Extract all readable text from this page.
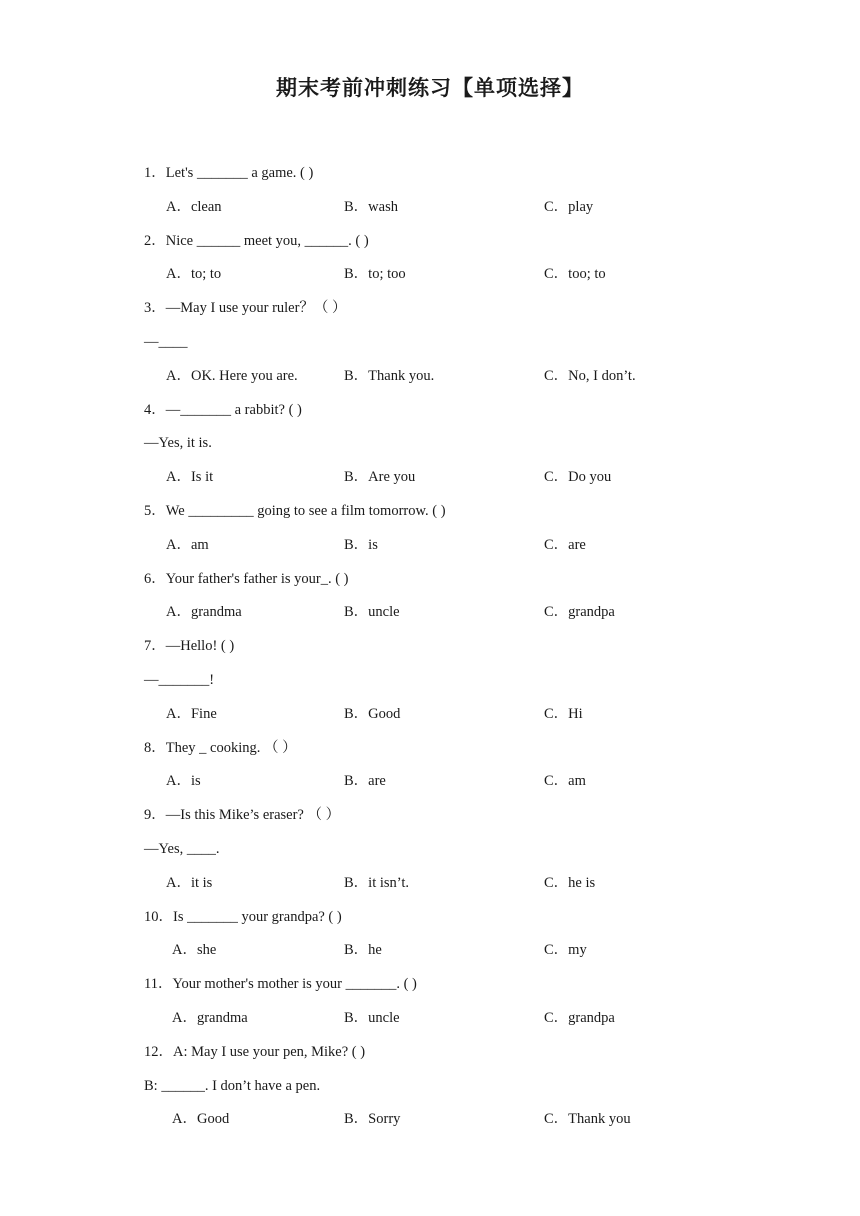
期末考前冲刺练习【单项选择】
1．Let's _______ a game. ( )
A．clean	B．wash	C．play
2．Nice ______ meet you, ______. ( )
A．to; to	B．to; too	C．too; to
3．—May I use your ruler？（ ）
—____
A．OK. Here you are.	B．Thank you.	C．No, I don’t.
4．—_______ a rabbit? ( )
—Yes, it is.
A．Is it	B．Are you	C．Do you
5．We _________ going to see a film tomorrow. ( )
A．am	B．is	C．are
6．Your father's father is your_. ( )
A．grandma	B．uncle	C．grandpa
7．—Hello! ( )
—_______!
A．Fine	B．Good	C．Hi
8．They _ cooking. （ ）
A．is	B．are	C．am
9．—Is this Mike’s eraser? （ ）
—Yes, ____.
A．it is	B．it isn’t.	C．he is
10．Is _______ your grandpa? ( )
A．she	B．he	C．my
11．Your mother's mother is your _______. ( )
A．grandma	B．uncle	C．grandpa
12．A: May I use your pen, Mike? ( )
B: ______. I don’t have a pen.
A．Good	B．Sorry	C．Thank you
